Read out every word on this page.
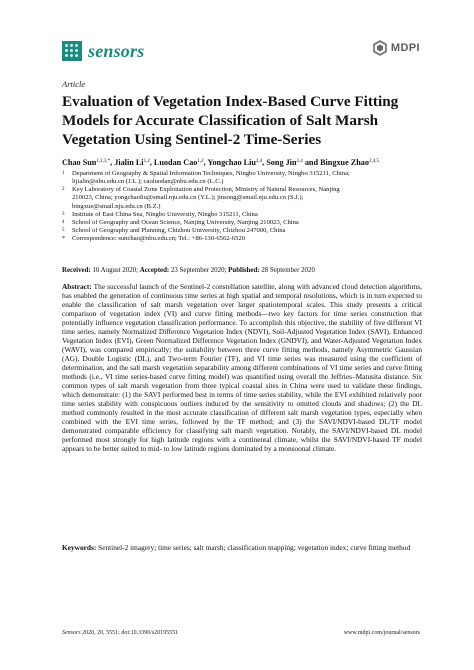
sensors	MDPI
Article
Evaluation of Vegetation Index-Based Curve Fitting Models for Accurate Classification of Salt Marsh Vegetation Using Sentinel-2 Time-Series
Chao Sun$^{1,2,3,*}$, Jialin Li$^{1,2}$, Luodan Cao$^{1,2}$, Yongchao Liu$^{2,4}$, Song Jin$^{2,4}$ and Bingxue Zhao$^{2,4,5}$
1	Department of Geography & Spatial Information Techniques, Ningbo University, Ningbo 315211, China; lijialin@nbu.edu.cn (J.L.); caoluodan@nbu.edu.cn (L.C.)
2	Key Laboratory of Coastal Zone Exploitation and Protection, Ministry of Natural Resources, Nanjing 210023, China; yongchaoliu@smail.nju.edu.cn (Y.L.); jinsong@smail.nju.edu.cn (S.J.); bingxue@smail.nju.edu.cn (B.Z.)
3	Institute of East China Sea, Ningbo University, Ningbo 315211, China
4	School of Geography and Ocean Science, Nanjing University, Nanjing 210023, China
5	School of Geography and Planning, Chizhou University, Chizhou 247000, China
*	Correspondence: sunchao@nbu.edu.cn; Tel.: +86-130-6562-6520
Received: 10 August 2020; Accepted: 23 September 2020; Published: 28 September 2020
Abstract: The successful launch of the Sentinel-2 constellation satellite, along with advanced cloud detection algorithms, has enabled the generation of continuous time series at high spatial and temporal resolutions, which is in turn expected to enable the classification of salt marsh vegetation over larger spatiotemporal scales. This study presents a critical comparison of vegetation index (VI) and curve fitting methods—two key factors for time series construction that potentially influence vegetation classification performance. To accomplish this objective, the stability of five different VI time series, namely Normalized Difference Vegetation Index (NDVI), Soil-Adjusted Vegetation Index (SAVI), Enhanced Vegetation Index (EVI), Green Normalized Difference Vegetation Index (GNDVI), and Water-Adjusted Vegetation Index (WAVI), was compared empirically; the suitability between three curve fitting methods, namely Asymmetric Gaussian (AG), Double Logistic (DL), and Two-term Fourier (TF), and VI time series was measured using the coefficient of determination, and the salt marsh vegetation separability among different combinations of VI time series and curve fitting methods (i.e., VI time series-based curve fitting model) was quantified using overall the Jeffries–Matusita distance. Six common types of salt marsh vegetation from three typical coastal sites in China were used to validate these findings, which demonstrate: (1) the SAVI performed best in terms of time series stability, while the EVI exhibited relatively poor time series stability with conspicuous outliers induced by the sensitivity to omitted clouds and shadows; (2) the DL method commonly resulted in the most accurate classification of different salt marsh vegetation types, especially when combined with the EVI time series, followed by the TF method; and (3) the SAVI/NDVI-based DL/TF model demonstrated comparable efficiency for classifying salt marsh vegetation. Notably, the SAVI/NDVI-based DL model performed most strongly for high latitude regions with a continental climate, whilst the SAVI/NDVI-based TF model appears to be better suited to mid- to low latitude regions dominated by a monsoonal climate.
Keywords: Sentinel-2 imagery; time series; salt marsh; classification mapping; vegetation index; curve fitting method
Sensors 2020, 20, 5551; doi:10.3390/s20195551	www.mdpi.com/journal/sensors
